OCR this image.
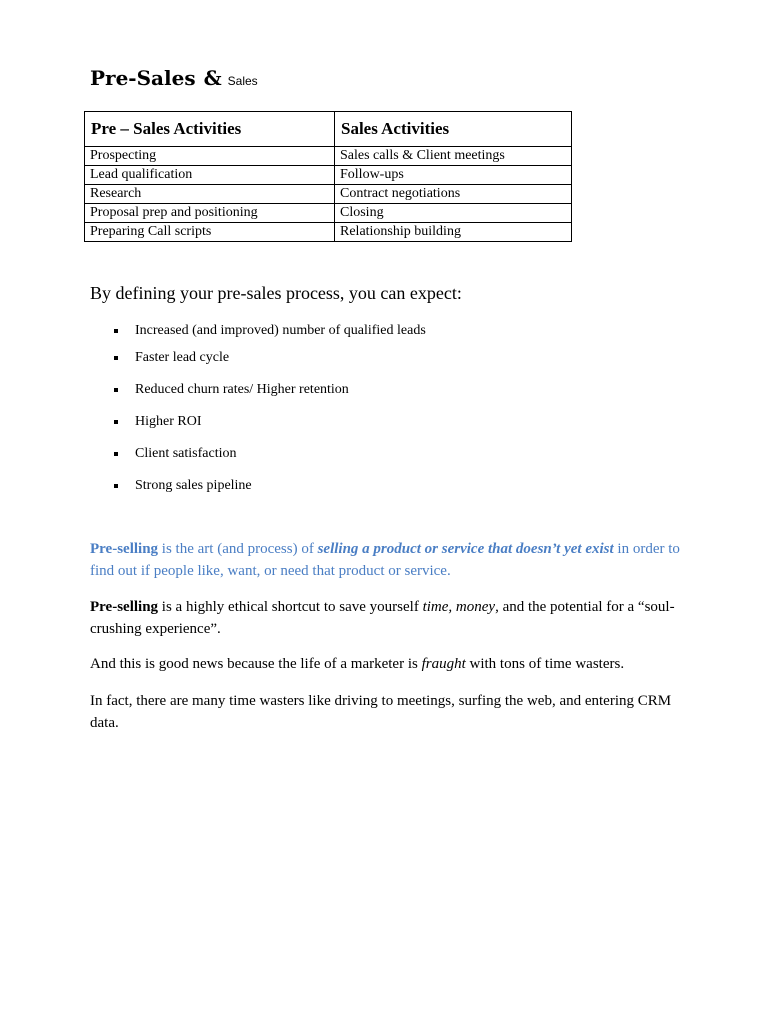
Pre-Sales & Sales
Pre – Sales Activities	Sales Activities
Prospecting	Sales calls & Client meetings
Lead qualification	Follow-ups
Research	Contract negotiations
Proposal prep and positioning	Closing
Preparing Call scripts	Relationship building
By defining your pre-sales process, you can expect:
Increased (and improved) number of qualified leads
Faster lead cycle
Reduced churn rates/ Higher retention
Higher ROI
Client satisfaction
Strong sales pipeline

Pre-selling is the art (and process) of selling a product or service that doesn’t yet exist in order to find out if people like, want, or need that product or service.

Pre-selling is a highly ethical shortcut to save yourself time, money, and the potential for a “soul-crushing experience”.

And this is good news because the life of a marketer is fraught with tons of time wasters.

In fact, there are many time wasters like driving to meetings, surfing the web, and entering CRM data.
